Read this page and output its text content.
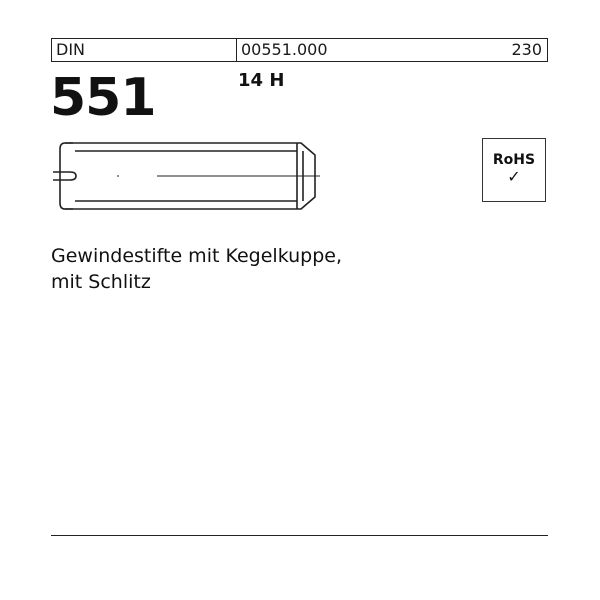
DIN	00551.000	230
551	14 H
RoHS
✓
Gewindestifte mit Kegelkuppe,
mit Schlitz
